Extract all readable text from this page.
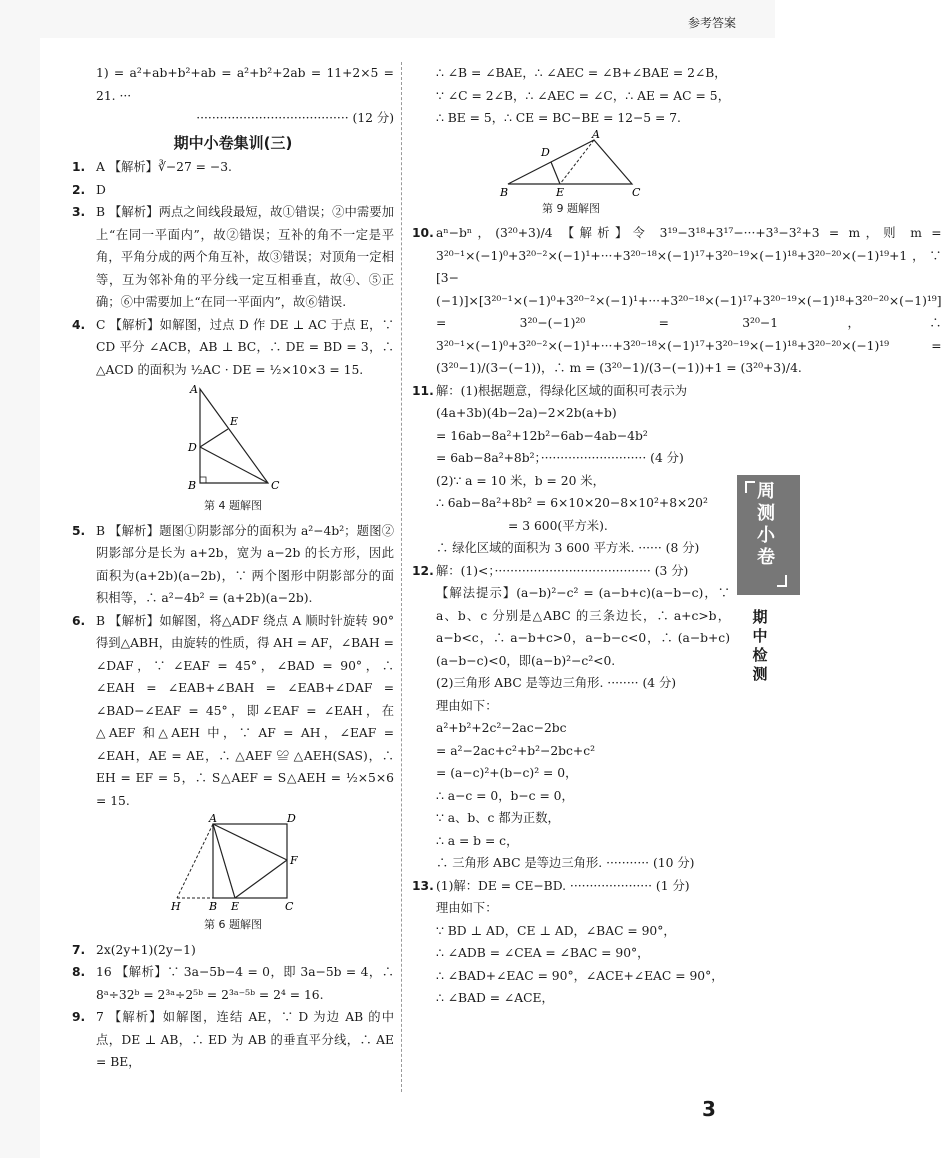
参考答案

1) = a²+ab+b²+ab = a²+b²+2ab = 11+2×5 = 21. ···

······································· (12 分)

期中小卷集训(三)
1. A 【解析】∛−27 = −3.
2. D
3. B 【解析】两点之间线段最短，故①错误；②中需要加上“在同一平面内”，故②错误；互补的角不一定是平角，平角分成的两个角互补，故③错误；对顶角一定相等，互为邻补角的平分线一定互相垂直，故④、⑤正确；⑥中需要加上“在同一平面内”，故⑥错误.
4. C 【解析】如解图，过点 D 作 DE ⊥ AC 于点 E，∵ CD 平分 ∠ACB，AB ⊥ BC，∴ DE = BD = 3，∴ △ACD 的面积为 ½AC · DE = ½×10×3 = 15.
A
E
D
B	C
第 4 题解图
5. B 【解析】题图①阴影部分的面积为 a²−4b²；题图②阴影部分是长为 a+2b，宽为 a−2b 的长方形，因此面积为(a+2b)(a−2b)，∵ 两个图形中阴影部分的面积相等，∴ a²−4b² = (a+2b)(a−2b).
6. B 【解析】如解图，将△ADF 绕点 A 顺时针旋转 90°得到△ABH，由旋转的性质，得 AH = AF，∠BAH = ∠DAF，∵ ∠EAF = 45°，∠BAD = 90°，∴ ∠EAH = ∠EAB+∠BAH = ∠EAB+∠DAF = ∠BAD−∠EAF = 45°，即∠EAF = ∠EAH，在△AEF 和△AEH 中，∵ AF = AH，∠EAF = ∠EAH，AE = AE，∴ △AEF ≌ △AEH(SAS)，∴ EH = EF = 5，∴ S△AEF = S△AEH = ½×5×6 = 15.
A	D
F
H	B E	C
第 6 题解图
7. 2x(2y+1)(2y−1)
8. 16 【解析】∵ 3a−5b−4 = 0，即 3a−5b = 4，∴ 8ᵃ÷32ᵇ = 2³ᵃ÷2⁵ᵇ = 2³ᵃ⁻⁵ᵇ = 2⁴ = 16.
9. 7 【解析】如解图，连结 AE，∵ D 为边 AB 的中点，DE ⊥ AB，∴ ED 为 AB 的垂直平分线，∴ AE = BE，

∴ ∠B = ∠BAE，∴ ∠AEC = ∠B+∠BAE = 2∠B，

∵ ∠C = 2∠B，∴ ∠AEC = ∠C，∴ AE = AC = 5，∴ BE = 5，∴ CE = BC−BE = 12−5 = 7.

A
D
B	E	C
第 9 题解图
10. aⁿ−bⁿ，(3²⁰+3)/4 【解析】令 3¹⁹−3¹⁸+3¹⁷−···+3³−3²+3 = m，则 m = 3²⁰⁻¹×(−1)⁰+3²⁰⁻²×(−1)¹+···+3²⁰⁻¹⁸×(−1)¹⁷+3²⁰⁻¹⁹×(−1)¹⁸+3²⁰⁻²⁰×(−1)¹⁹+1，∵ [3−(−1)]×[3²⁰⁻¹×(−1)⁰+3²⁰⁻²×(−1)¹+···+3²⁰⁻¹⁸×(−1)¹⁷+3²⁰⁻¹⁹×(−1)¹⁸+3²⁰⁻²⁰×(−1)¹⁹] = 3²⁰−(−1)²⁰ = 3²⁰−1，∴ 3²⁰⁻¹×(−1)⁰+3²⁰⁻²×(−1)¹+···+3²⁰⁻¹⁸×(−1)¹⁷+3²⁰⁻¹⁹×(−1)¹⁸+3²⁰⁻²⁰×(−1)¹⁹ = (3²⁰−1)/(3−(−1))，∴ m = (3²⁰−1)/(3−(−1))+1 = (3²⁰+3)/4.
11. 解：(1)根据题意，得绿化区域的面积可表示为

(4a+3b)(4b−2a)−2×2b(a+b)

= 16ab−8a²+12b²−6ab−4ab−4b²

= 6ab−8a²+8b²；··························· (4 分)

(2)∵ a = 10 米，b = 20 米，

∴ 6ab−8a²+8b² = 6×10×20−8×10²+8×20²

= 3 600(平方米).

∴ 绿化区域的面积为 3 600 平方米. ······ (8 分)

12. 解：(1)<；········································ (3 分)

【解法提示】(a−b)²−c² = (a−b+c)(a−b−c)，∵ a、b、c 分别是△ABC 的三条边长，∴ a+c>b，a−b<c，∴ a−b+c>0，a−b−c<0，∴ (a−b+c)(a−b−c)<0，即(a−b)²−c²<0.

(2)三角形 ABC 是等边三角形. ········ (4 分)

理由如下：

a²+b²+2c²−2ac−2bc

= a²−2ac+c²+b²−2bc+c²

= (a−c)²+(b−c)² = 0，

∴ a−c = 0，b−c = 0，

∵ a、b、c 都为正数，

∴ a = b = c，

∴ 三角形 ABC 是等边三角形. ··········· (10 分)

13. (1)解：DE = CE−BD. ····················· (1 分)

理由如下：

∵ BD ⊥ AD，CE ⊥ AD，∠BAC = 90°，

∴ ∠ADB = ∠CEA = ∠BAC = 90°，

∴ ∠BAD+∠EAC = 90°，∠ACE+∠EAC = 90°，

∴ ∠BAD = ∠ACE，

周
测
小
卷
期
中
检
测
3
